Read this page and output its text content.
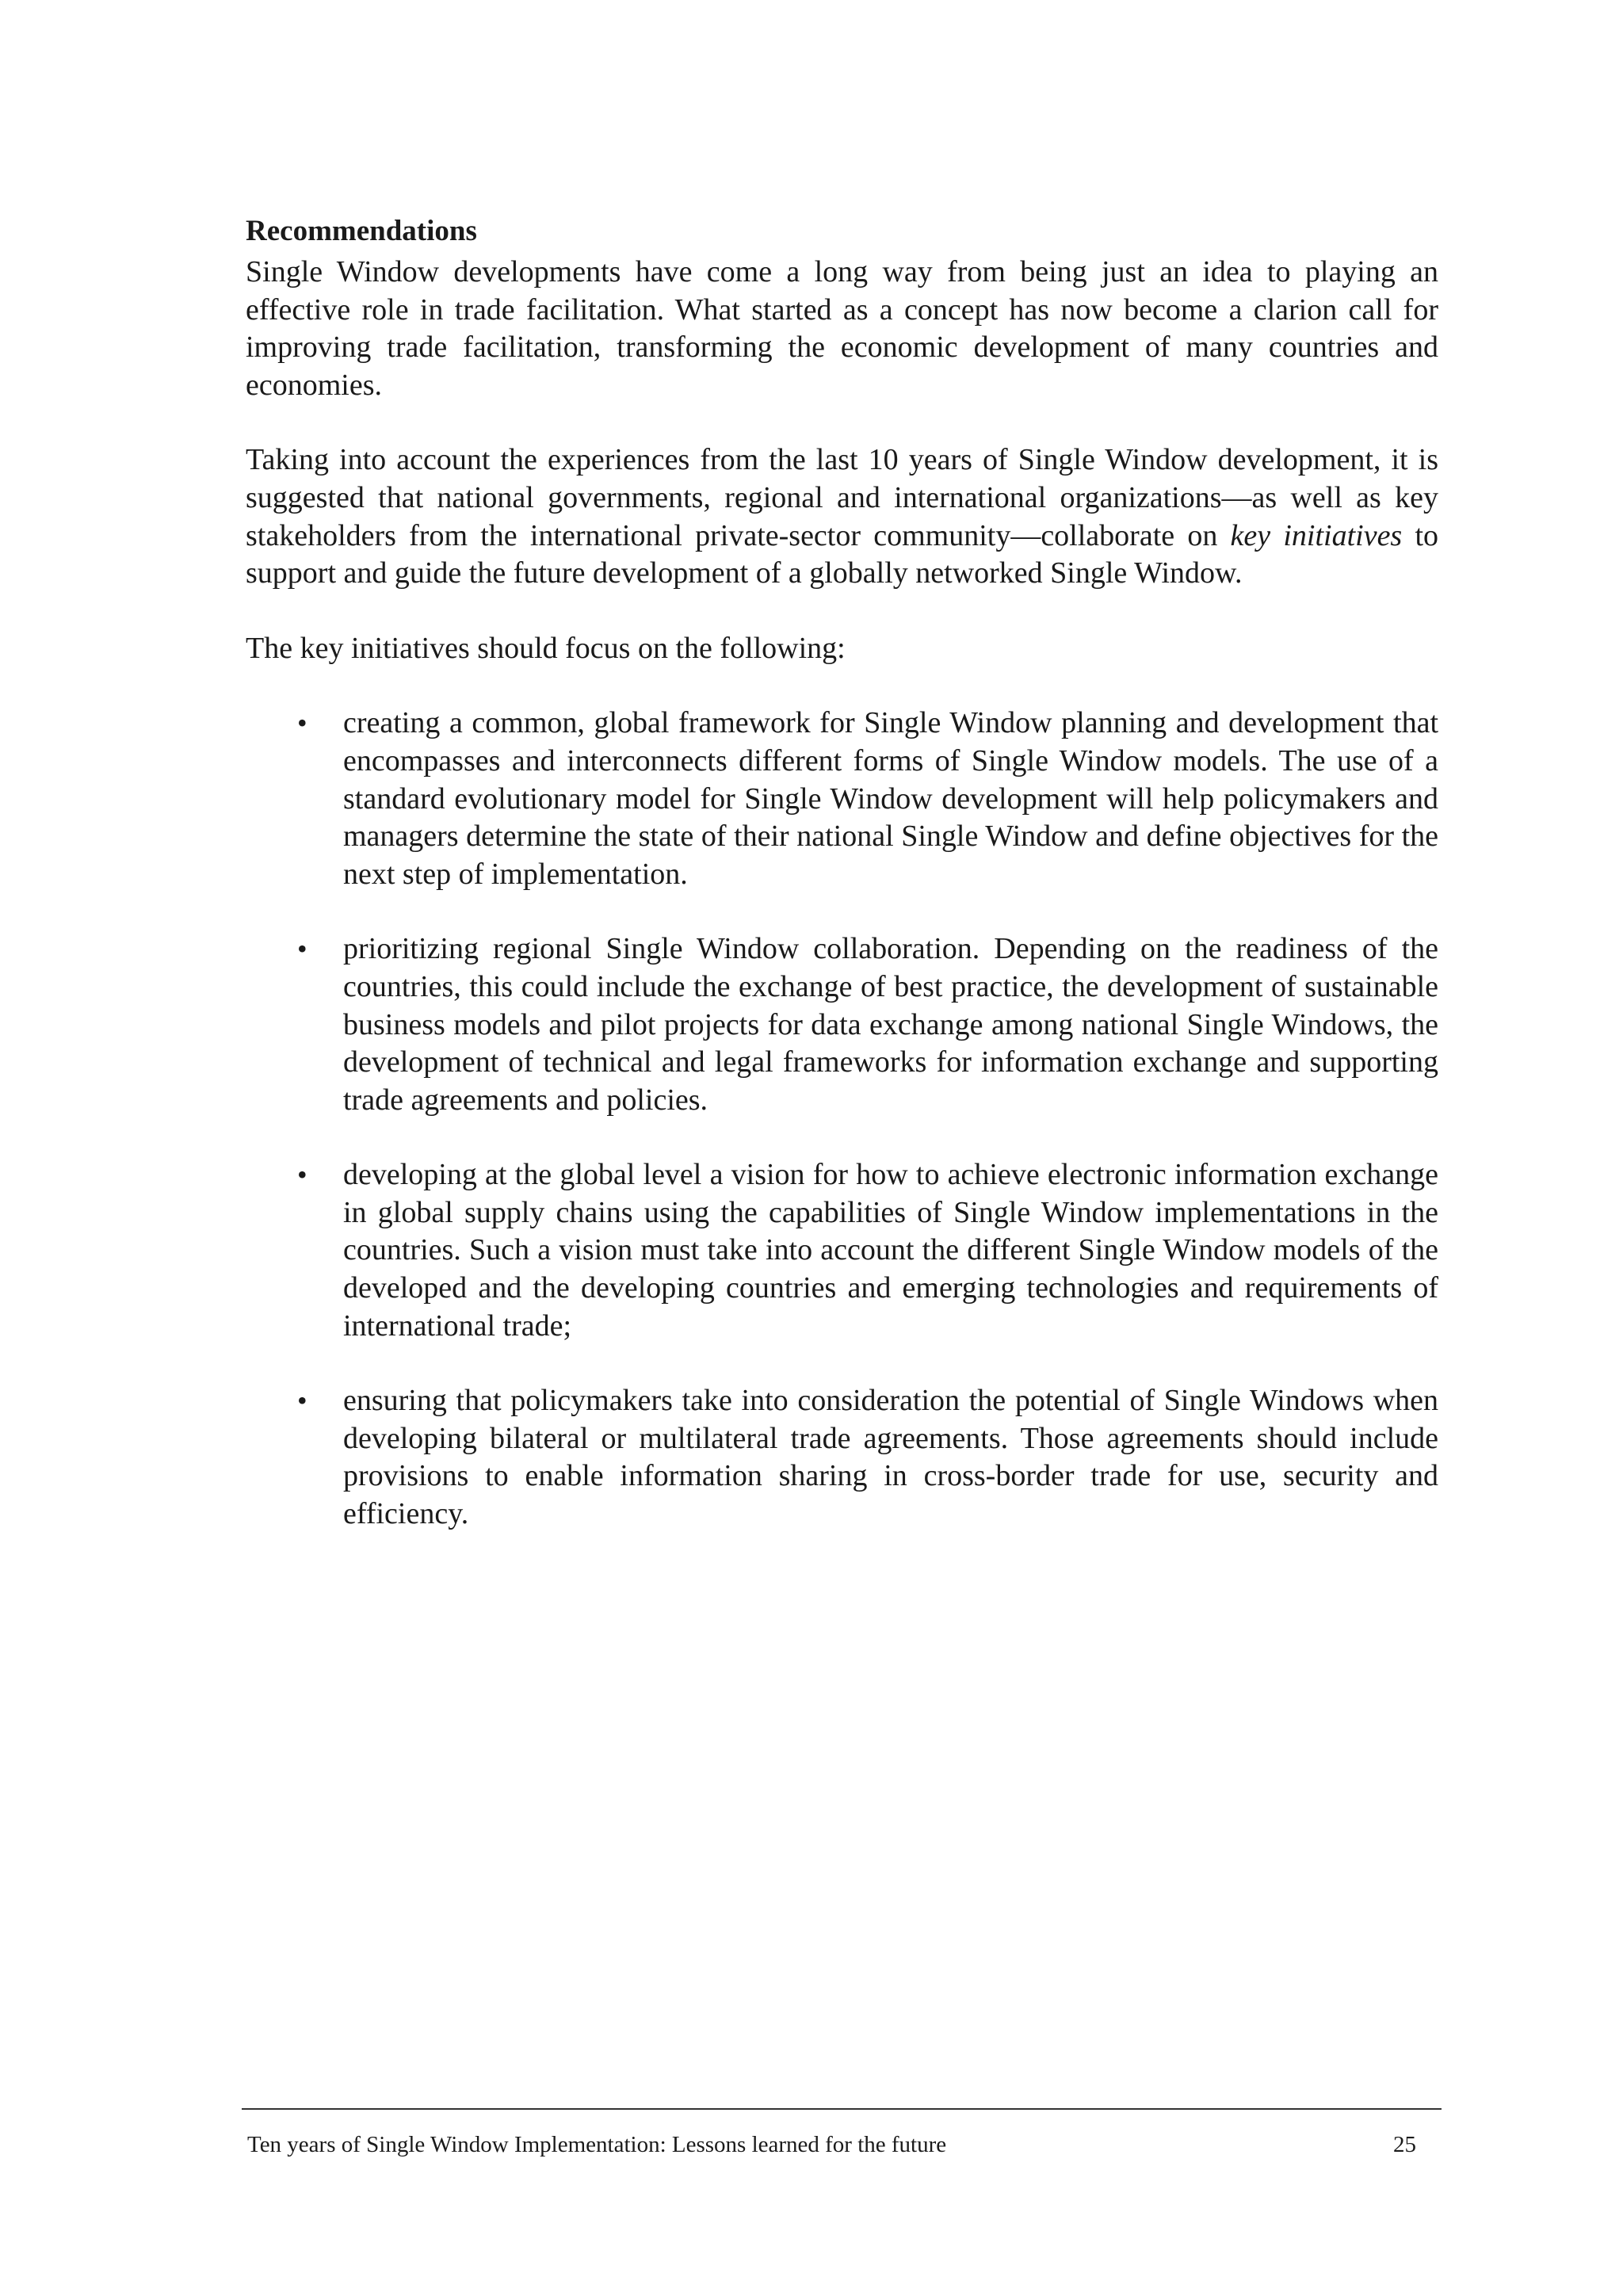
Recommendations

Single Window developments have come a long way from being just an idea to playing an effective role in trade facilitation. What started as a concept has now become a clarion call for improving trade facilitation, transforming the economic development of many countries and economies.

Taking into account the experiences from the last 10 years of Single Window development, it is suggested that national governments, regional and international organizations—as well as key stakeholders from the international private-sector community—collaborate on key initiatives to support and guide the future development of a globally networked Single Window.

The key initiatives should focus on the following:

• creating a common, global framework for Single Window planning and development that encompasses and interconnects different forms of Single Window models. The use of a standard evolutionary model for Single Window development will help policymakers and managers determine the state of their national Single Window and define objectives for the next step of implementation.
• prioritizing regional Single Window collaboration. Depending on the readiness of the countries, this could include the exchange of best practice, the development of sustainable business models and pilot projects for data exchange among national Single Windows, the development of technical and legal frameworks for information exchange and supporting trade agreements and policies.
• developing at the global level a vision for how to achieve electronic information exchange in global supply chains using the capabilities of Single Window implementations in the countries. Such a vision must take into account the different Single Window models of the developed and the developing countries and emerging technologies and requirements of international trade;
• ensuring that policymakers take into consideration the potential of Single Windows when developing bilateral or multilateral trade agreements. Those agreements should include provisions to enable information sharing in cross-border trade for use, security and efficiency.
Ten years of Single Window Implementation: Lessons learned for the future	25
